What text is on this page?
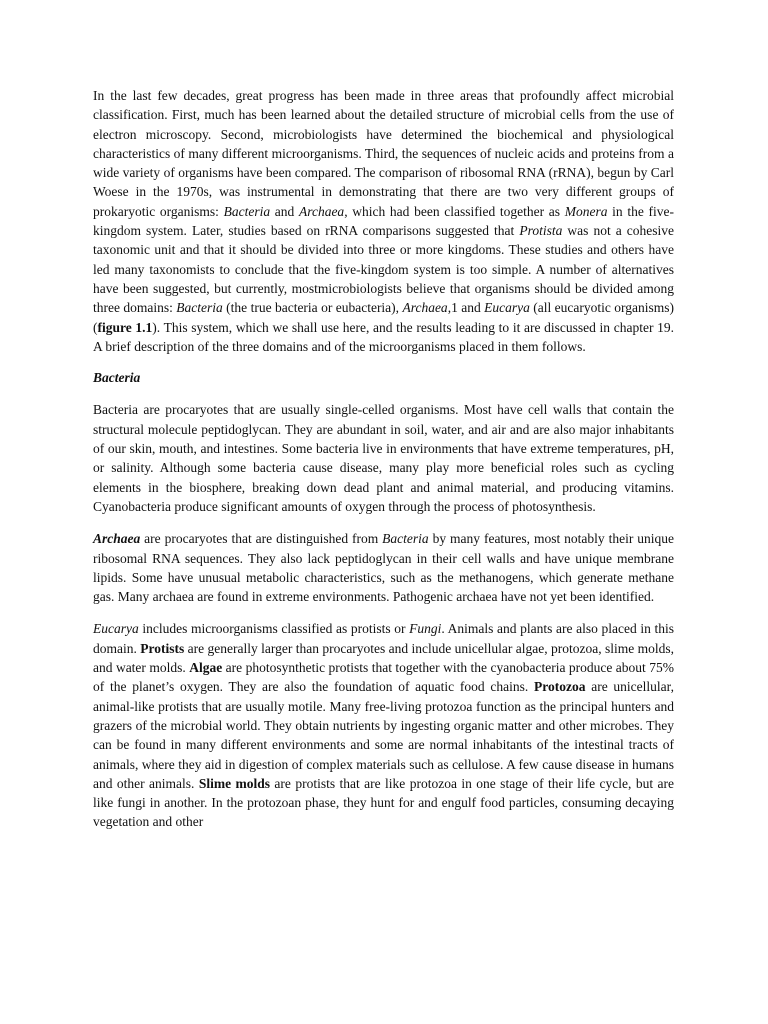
In the last few decades, great progress has been made in three areas that profoundly affect microbial classification. First, much has been learned about the detailed structure of microbial cells from the use of electron microscopy. Second, microbiologists have determined the biochemical and physiological characteristics of many different microorganisms. Third, the sequences of nucleic acids and proteins from a wide variety of organisms have been compared. The comparison of ribosomal RNA (rRNA), begun by Carl Woese in the 1970s, was instrumental in demonstrating that there are two very different groups of prokaryotic organisms: Bacteria and Archaea, which had been classified together as Monera in the five-kingdom system. Later, studies based on rRNA comparisons suggested that Protista was not a cohesive taxonomic unit and that it should be divided into three or more kingdoms. These studies and others have led many taxonomists to conclude that the five-kingdom system is too simple. A number of alternatives have been suggested, but currently, mostmicrobiologists believe that organisms should be divided among three domains: Bacteria (the true bacteria or eubacteria), Archaea,1 and Eucarya (all eucaryotic organisms) (figure 1.1). This system, which we shall use here, and the results leading to it are discussed in chapter 19. A brief description of the three domains and of the microorganisms placed in them follows.

Bacteria

Bacteria are procaryotes that are usually single-celled organisms. Most have cell walls that contain the structural molecule peptidoglycan. They are abundant in soil, water, and air and are also major inhabitants of our skin, mouth, and intestines. Some bacteria live in environments that have extreme temperatures, pH, or salinity. Although some bacteria cause disease, many play more beneficial roles such as cycling elements in the biosphere, breaking down dead plant and animal material, and producing vitamins. Cyanobacteria produce significant amounts of oxygen through the process of photosynthesis.

Archaea are procaryotes that are distinguished from Bacteria by many features, most notably their unique ribosomal RNA sequences. They also lack peptidoglycan in their cell walls and have unique membrane lipids. Some have unusual metabolic characteristics, such as the methanogens, which generate methane gas. Many archaea are found in extreme environments. Pathogenic archaea have not yet been identified.

Eucarya includes microorganisms classified as protists or Fungi. Animals and plants are also placed in this domain. Protists are generally larger than procaryotes and include unicellular algae, protozoa, slime molds, and water molds. Algae are photosynthetic protists that together with the cyanobacteria produce about 75% of the planet’s oxygen. They are also the foundation of aquatic food chains. Protozoa are unicellular, animal-like protists that are usually motile. Many free-living protozoa function as the principal hunters and grazers of the microbial world. They obtain nutrients by ingesting organic matter and other microbes. They can be found in many different environments and some are normal inhabitants of the intestinal tracts of animals, where they aid in digestion of complex materials such as cellulose. A few cause disease in humans and other animals. Slime molds are protists that are like protozoa in one stage of their life cycle, but are like fungi in another. In the protozoan phase, they hunt for and engulf food particles, consuming decaying vegetation and other
